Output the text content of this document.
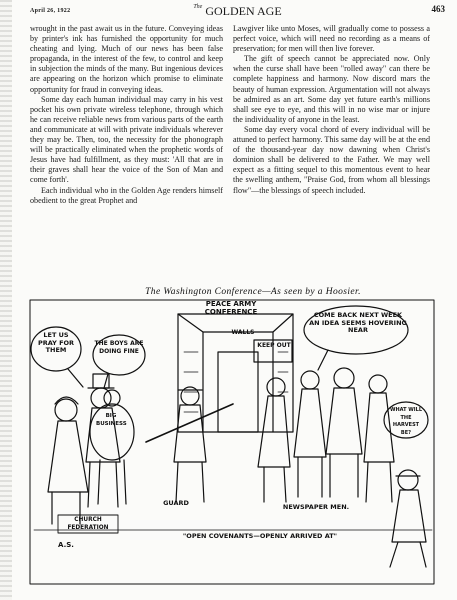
April 26, 1922
$^{The}$ GOLDEN AGE	463

wrought in the past await us in the future. Conveying ideas by printer's ink has furnished the opportunity for much cheating and lying. Much of our news has been false propaganda, in the interest of the few, to control and keep in subjection the minds of the many. But ingenious devices are appearing on the horizon which promise to eliminate opportunity for fraud in conveying ideas.

Some day each human individual may carry in his vest pocket his own private wireless telephone, through which he can receive reliable news from various parts of the earth and communicate at will with private individuals wherever they may be. Then, too, the necessity for the phonograph will be practically eliminated when the prophetic words of Jesus have had fulfillment, as they must: 'All that are in their graves shall hear the voice of the Son of Man and come forth'.

Each individual who in the Golden Age renders himself obedient to the great Prophet and

Lawgiver like unto Moses, will gradually come to possess a perfect voice, which will need no recording as a means of preservation; for men will then live forever.

The gift of speech cannot be appreciated now. Only when the curse shall have been "rolled away" can there be complete happiness and harmony. Now discord mars the beauty of human expression. Argumentation will not always be admired as an art. Some day yet future earth's millions shall see eye to eye, and this will in no wise mar or injure the individuality of anyone in the least.

Some day every vocal chord of every individual will be attuned to perfect harmony. This same day will be at the end of the thousand-year day now dawning when Christ's dominion shall be delivered to the Father. We may well expect as a fitting sequel to this momentous event to hear the swelling anthem, "Praise God, from whom all blessings flow"—the blessings of speech included.

The Washington Conference—As seen by a Hoosier.
PEACE ARMY
CONFERENCE
WALLS
COME BACK NEXT WEEK AN IDEA SEEMS HOVERING NEAR
KEEP OUT
LET US PRAY FOR THEM
THE BOYS ARE DOING FINE
BIG BUSINESS
WHAT WILL THE HARVEST BE?
GUARD	NEWSPAPER MEN.
CHURCH FEDERATION
A.S.
"OPEN COVENANTS—OPENLY ARRIVED AT"
